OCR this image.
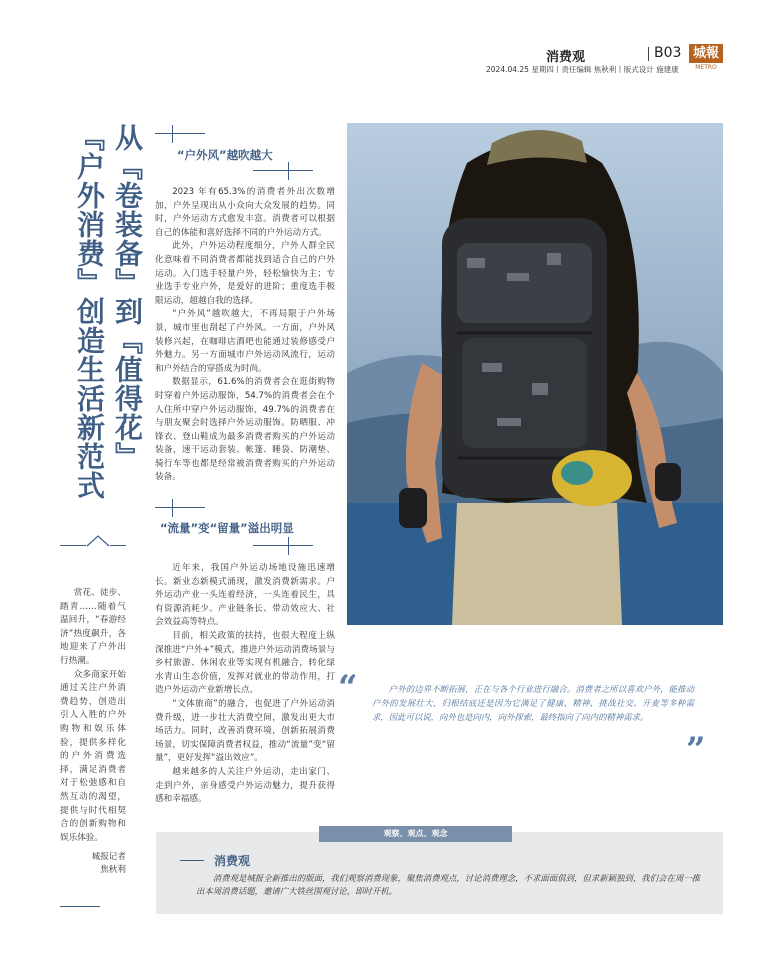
消费观	B03 城報
METRO
2024.04.25 星期四丨责任编辑 焦秋利丨版式设计 施建康
从『卷装备』到『值得花』
『户外消费』创造生活新范式	“户外风”越吹越大

2023 年有65.3%的消费者外出次数增加，户外呈现出从小众向大众发展的趋势。同时，户外运动方式愈发丰富。消费者可以根据自己的体能和喜好选择不同的户外运动方式。

此外，户外运动程度细分，户外人群全民化意味着不同消费者都能找到适合自己的户外运动。入门选手轻量户外，轻松愉快为主；专业选手专业户外，是爱好的进阶；重度选手极限运动，超越自我的选择。

“户外风”越吹越大，不再局限于户外场景，城市里也刮起了户外风。一方面，户外风装修兴起，在咖啡店酒吧也能通过装修感受户外魅力。另一方面城市户外运动风流行，运动和户外结合的穿搭成为时尚。

数据显示，61.6%的消费者会在逛街购物时穿着户外运动服饰，54.7%的消费者会在个人住所中穿户外运动服饰，49.7%的消费者在与朋友聚会时选择户外运动服饰。防晒服、冲锋衣、登山鞋成为最多消费者购买的户外运动装备，速干运动套装、帐篷、睡袋、防潮垫、骑行车等也都是经常被消费者购买的户外运动装备。

“流量”变“留量”溢出明显

近年来，我国户外运动场地设施迅速增长。新业态新模式涌现，激发消费新需求。户外运动产业一头连着经济，一头连着民生，具有资源消耗少、产业链条长、带动效应大、社会效益高等特点。

目前，相关政策的扶持，也很大程度上纵深推进“户外+”模式，推进户外运动消费场景与乡村旅游、休闲农业等实现有机融合，转化绿水青山生态价值，发挥对就业的带动作用，打造户外运动产业新增长点。

“文体旅商”的融合，也促进了户外运动消费升级，进一步壮大消费空间，激发出更大市场活力。同时，改善消费环境，创新拓展消费场景，切实保障消费者权益，推动“流量”变“留量”，更好发挥“溢出效应”。

越来越多的人关注户外运动，走出家门、走到户外，亲身感受户外运动魅力，提升获得感和幸福感。

赏花、徒步、踏青……随着气温回升，“春游经济”热度飙升，各地迎来了户外出行热潮。

众多商家开始通过关注户外消费趋势，创造出引人入胜的户外购物和娱乐体验，提供多样化的户外消费选择，满足消费者对于松弛感和自然互动的渴望，提供与时代相契合的创新购物和娱乐体验。

城报记者
焦秋利
“	户外的边界不断拓展，正在与各个行业进行融合。消费者之所以喜欢户外，能推动户外的发展壮大，归根结底还是因为它满足了健康、精神、挑战社交、开麦等多种需求，因此可以说，向外也是向内，向外探索，最终指向了向内的精神需求。

”
观察、观点、观念
消费观

消费观是城报全新推出的版面，我们观察消费现象，聚焦消费观点，讨论消费理念，不求面面俱到，但求新颖独到，我们会在周一推出本周消费话题，邀请广大铁丝围观讨论，即时开机。
